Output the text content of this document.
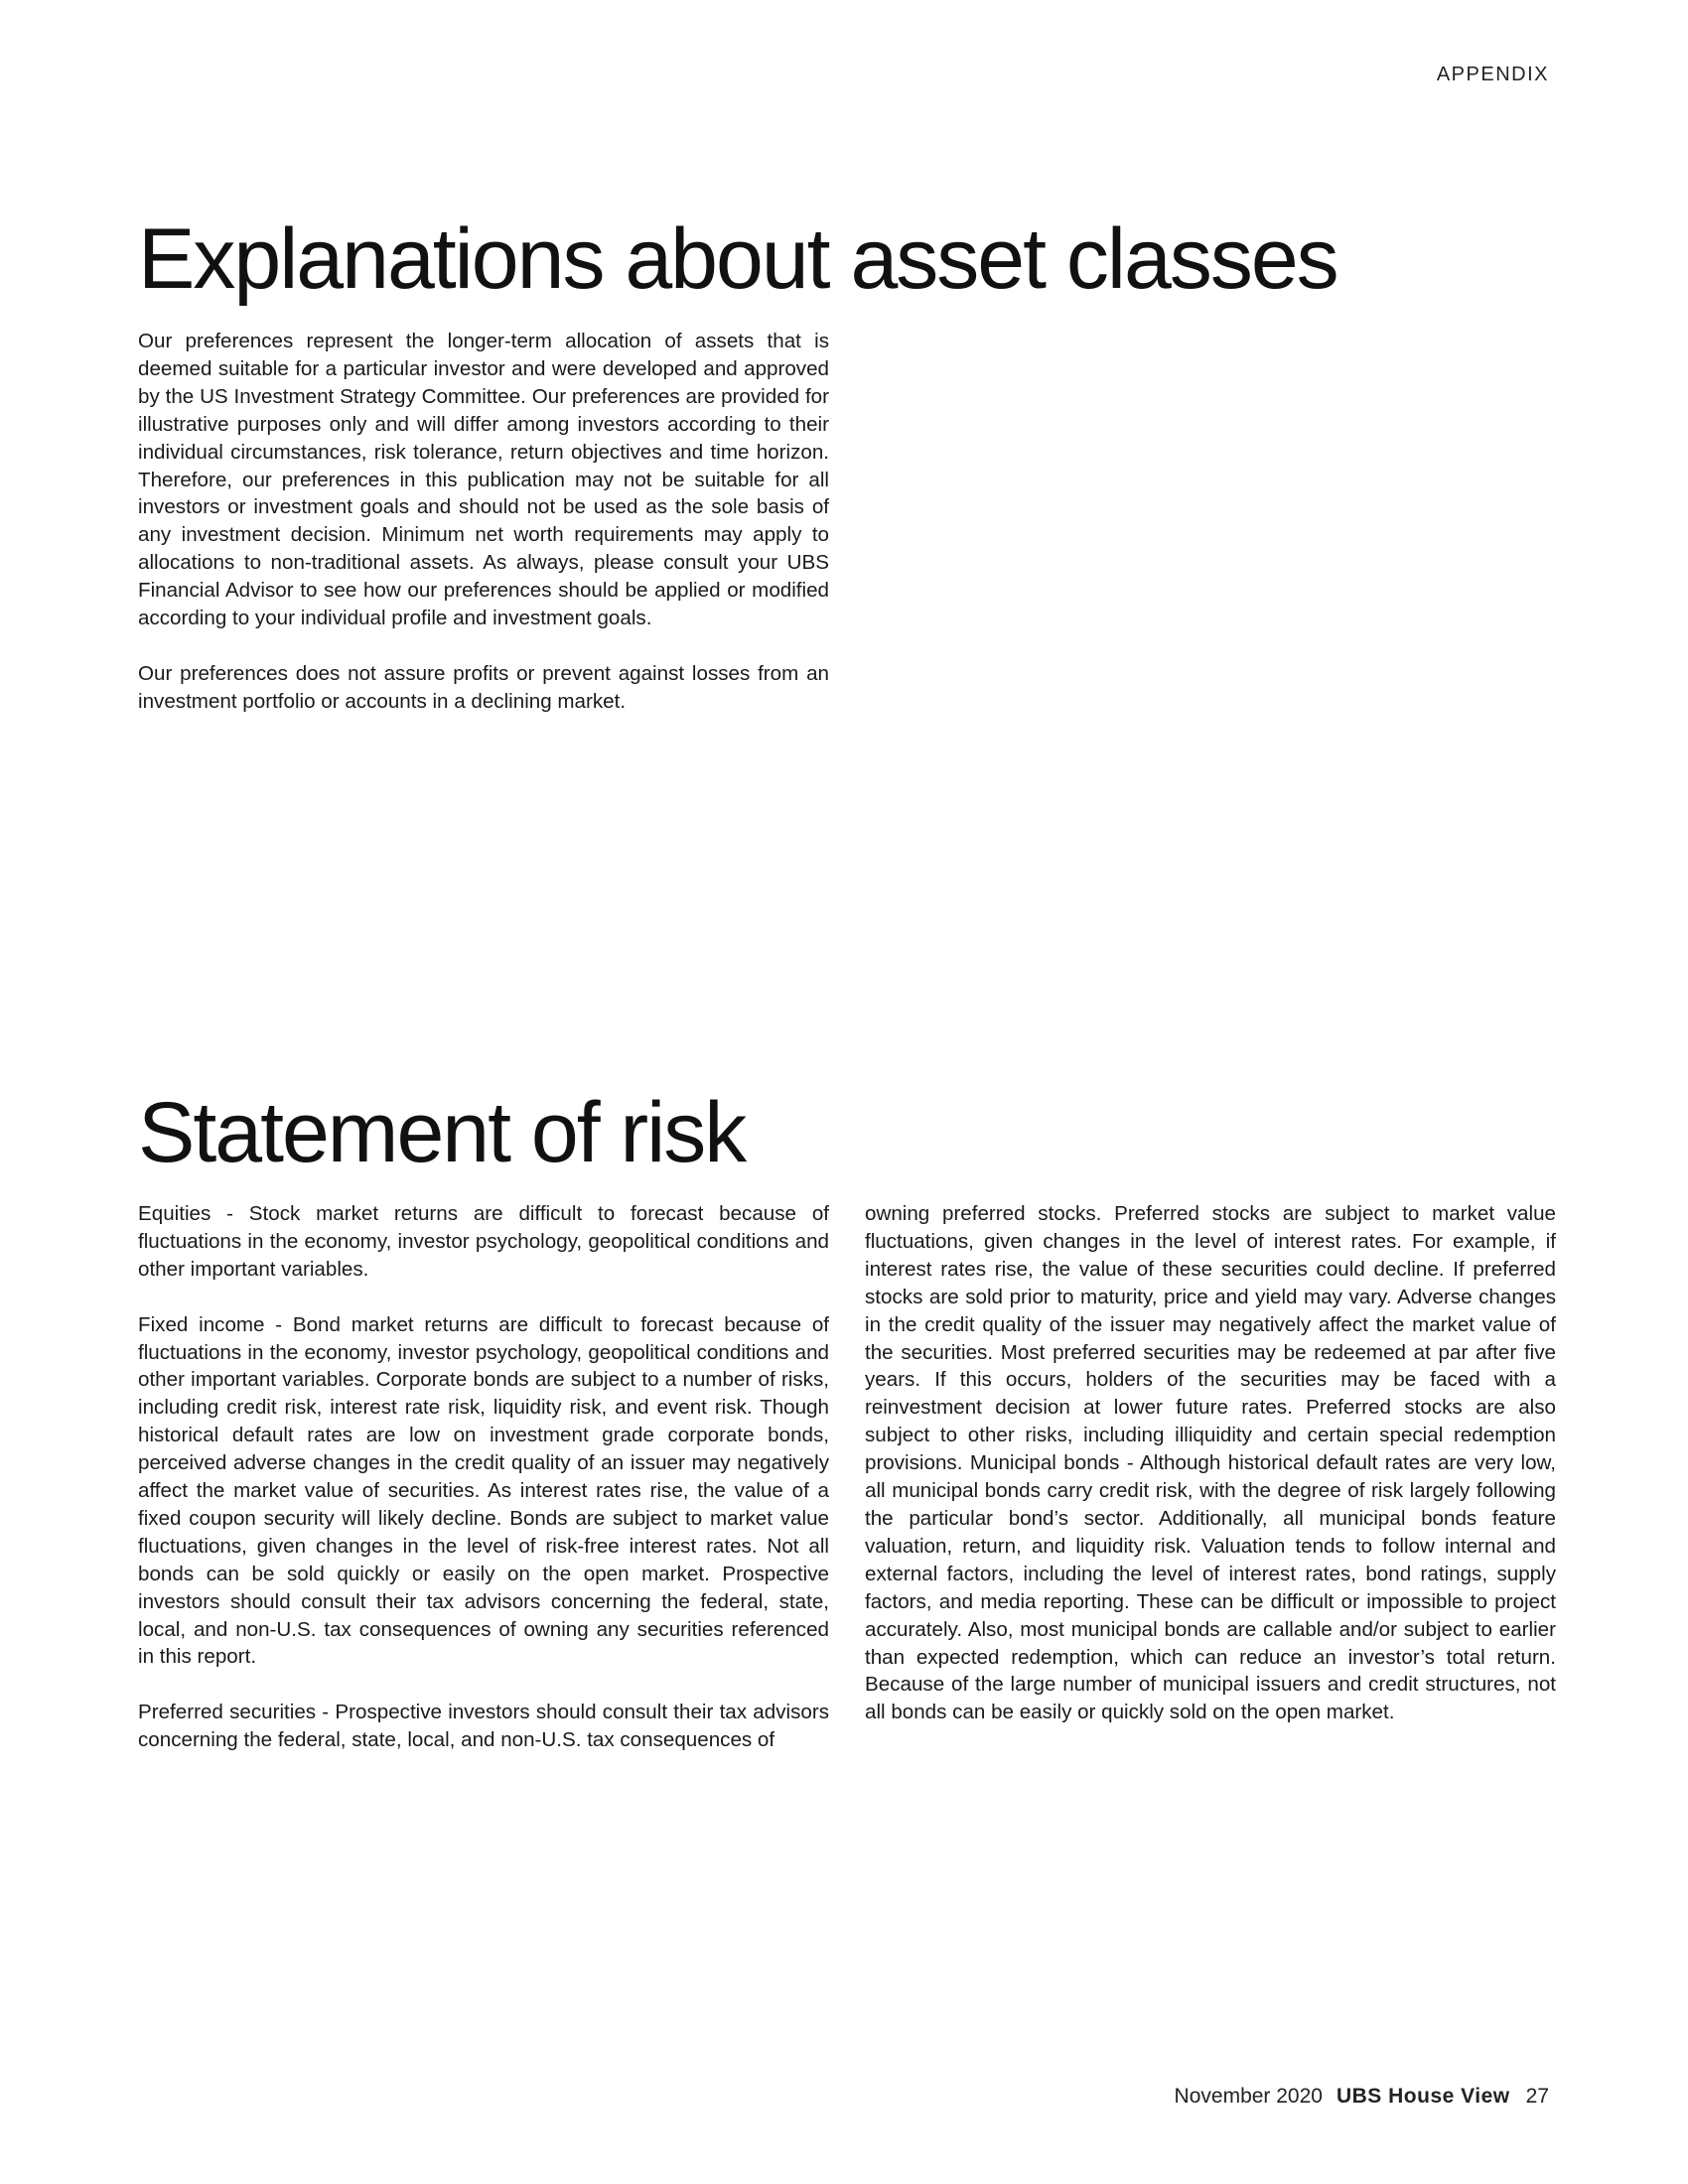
APPENDIX
Explanations about asset classes

Our preferences represent the longer-term allocation of assets that is deemed suitable for a particular investor and were developed and approved by the US Investment Strategy Committee. Our preferences are provided for illustrative purposes only and will differ among investors according to their individual circumstances, risk tolerance, return objectives and time horizon. Therefore, our preferences in this publication may not be suitable for all investors or investment goals and should not be used as the sole basis of any investment decision. Minimum net worth requirements may apply to allocations to non-traditional assets. As always, please consult your UBS Financial Advisor to see how our preferences should be applied or modified according to your individual profile and investment goals.

Our preferences does not assure profits or prevent against losses from an investment portfolio or accounts in a declining market.

Statement of risk

Equities - Stock market returns are difficult to forecast because of fluctuations in the economy, investor psychology, geopolitical conditions and other important variables.

Fixed income - Bond market returns are difficult to forecast because of fluctuations in the economy, investor psychology, geopolitical conditions and other important variables. Corporate bonds are subject to a number of risks, including credit risk, interest rate risk, liquidity risk, and event risk. Though historical default rates are low on investment grade corporate bonds, perceived adverse changes in the credit quality of an issuer may negatively affect the market value of securities. As interest rates rise, the value of a fixed coupon security will likely decline. Bonds are subject to market value fluctuations, given changes in the level of risk-free interest rates. Not all bonds can be sold quickly or easily on the open market. Prospective investors should consult their tax advisors concerning the federal, state, local, and non-U.S. tax consequences of owning any securities referenced in this report.

Preferred securities - Prospective investors should consult their tax advisors concerning the federal, state, local, and non-U.S. tax consequences of

owning preferred stocks. Preferred stocks are subject to market value fluctuations, given changes in the level of interest rates. For example, if interest rates rise, the value of these securities could decline. If preferred stocks are sold prior to maturity, price and yield may vary. Adverse changes in the credit quality of the issuer may negatively affect the market value of the securities. Most preferred securities may be redeemed at par after five years. If this occurs, holders of the securities may be faced with a reinvestment decision at lower future rates. Preferred stocks are also subject to other risks, including illiquidity and certain special redemption provisions. Municipal bonds - Although historical default rates are very low, all municipal bonds carry credit risk, with the degree of risk largely following the particular bond’s sector. Additionally, all municipal bonds feature valuation, return, and liquidity risk. Valuation tends to follow internal and external factors, including the level of interest rates, bond ratings, supply factors, and media reporting. These can be difficult or impossible to project accurately. Also, most municipal bonds are callable and/or subject to earlier than expected redemption, which can reduce an investor’s total return. Because of the large number of municipal issuers and credit structures, not all bonds can be easily or quickly sold on the open market.

November 2020 UBS House View 27
